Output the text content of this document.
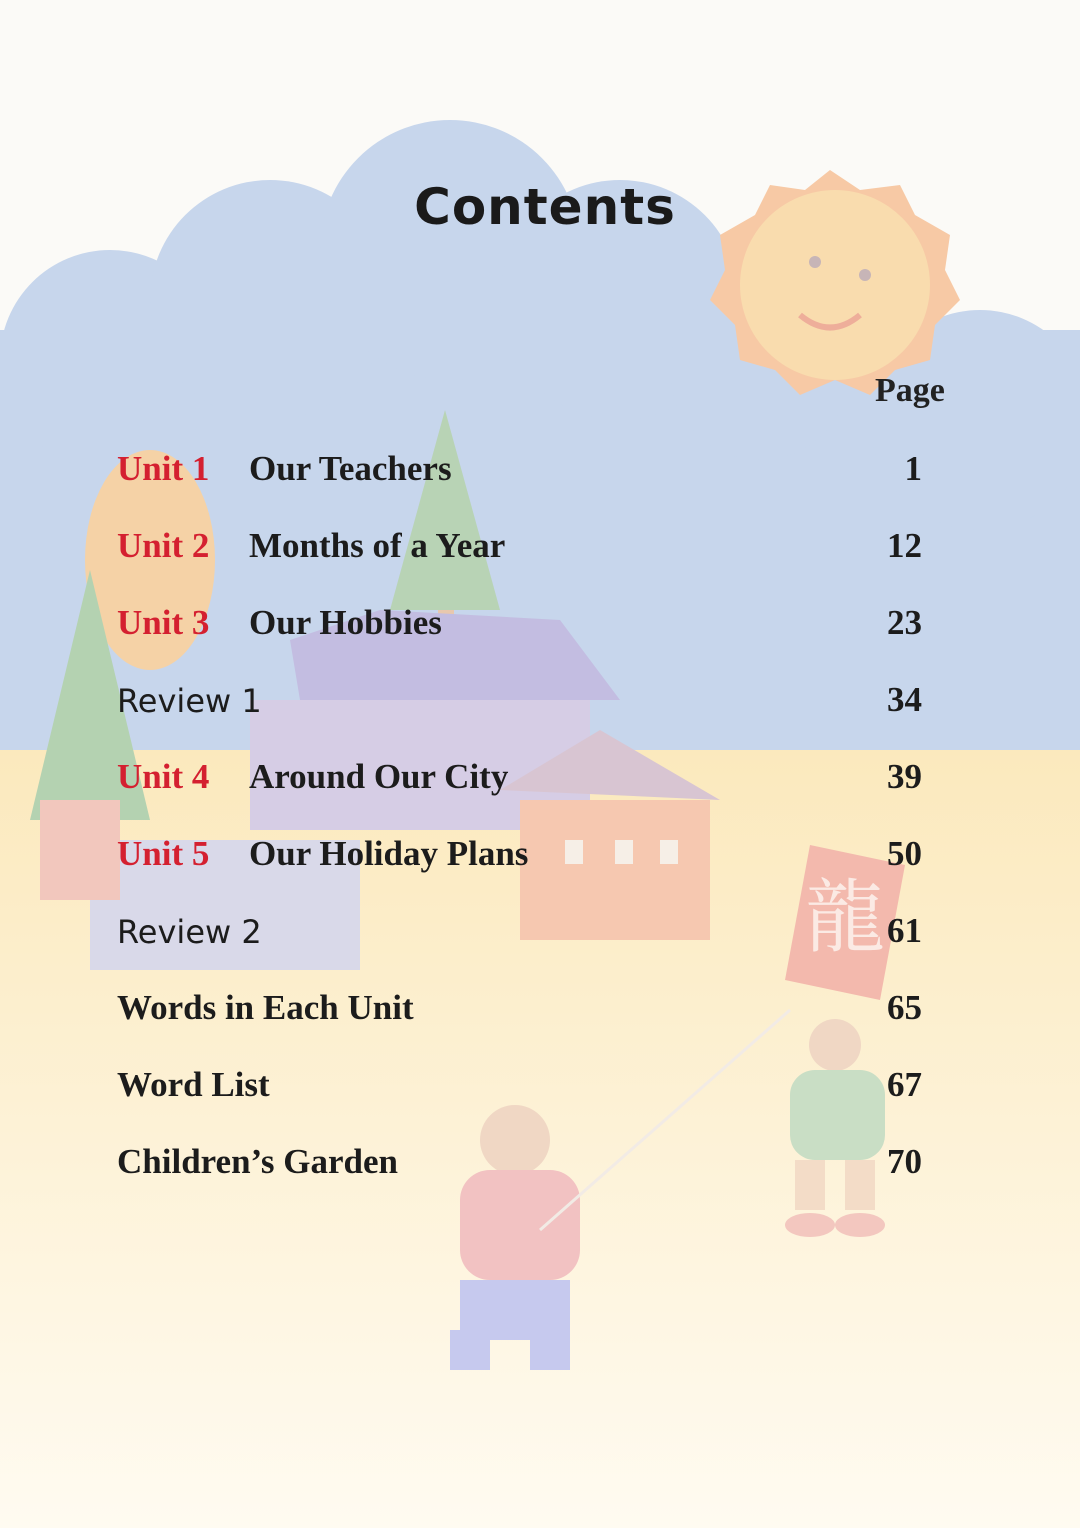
龍
Contents
Page
Unit 1 Our Teachers	1
Unit 2 Months of a Year	12
Unit 3 Our Hobbies	23
Review 1	34
Unit 4 Around Our City	39
Unit 5 Our Holiday Plans	50
Review 2	61
Words in Each Unit	65
Word List	67
Children’s Garden	70
